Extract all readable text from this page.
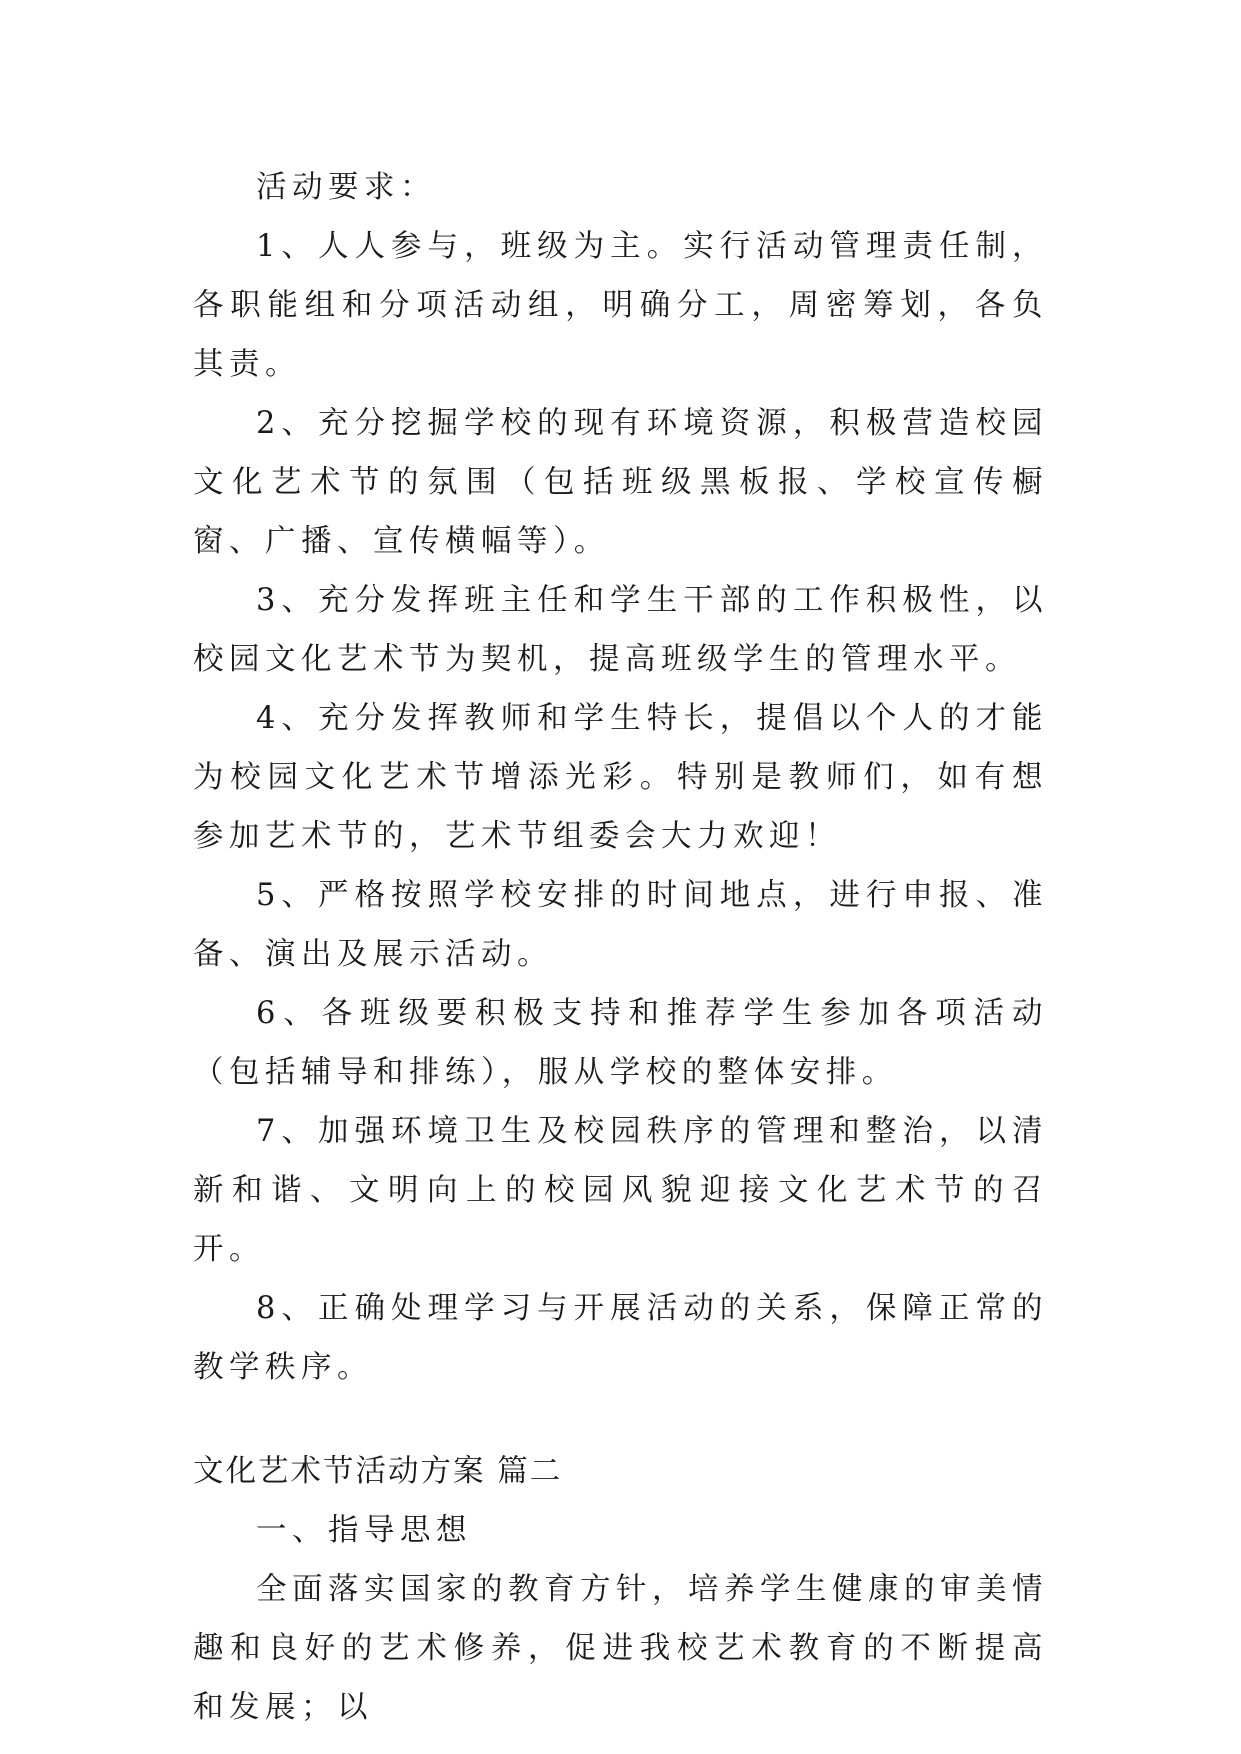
活动要求：

1、人人参与，班级为主。实行活动管理责任制，各职能组和分项活动组，明确分工，周密筹划，各负其责。

2、充分挖掘学校的现有环境资源，积极营造校园文化艺术节的氛围（包括班级黑板报、学校宣传橱窗、广播、宣传横幅等）。

3、充分发挥班主任和学生干部的工作积极性，以校园文化艺术节为契机，提高班级学生的管理水平。

4、充分发挥教师和学生特长，提倡以个人的才能为校园文化艺术节增添光彩。特别是教师们，如有想参加艺术节的，艺术节组委会大力欢迎！

5、严格按照学校安排的时间地点，进行申报、准备、演出及展示活动。

6、各班级要积极支持和推荐学生参加各项活动（包括辅导和排练），服从学校的整体安排。

7、加强环境卫生及校园秩序的管理和整治，以清新和谐、文明向上的校园风貌迎接文化艺术节的召开。

8、正确处理学习与开展活动的关系，保障正常的教学秩序。

文化艺术节活动方案 篇二

一、指导思想

全面落实国家的教育方针，培养学生健康的审美情趣和良好的艺术修养，促进我校艺术教育的不断提高和发展；以
